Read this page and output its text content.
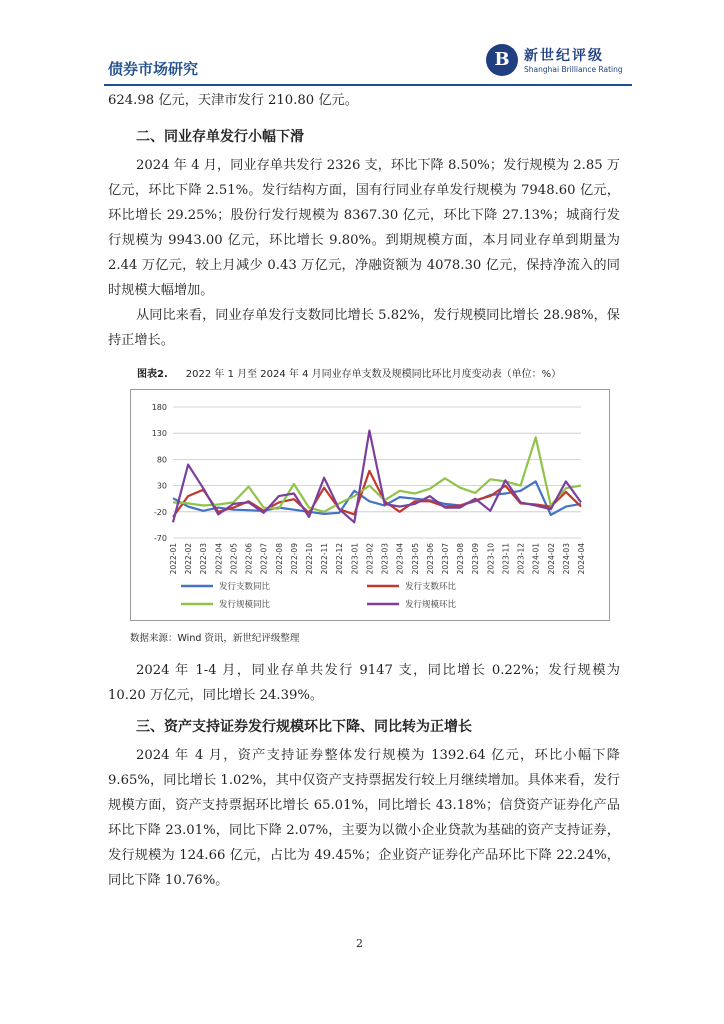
债券市场研究	B	新世纪评级
Shanghai Brilliance Rating

624.98 亿元，天津市发行 210.80 亿元。

二、同业存单发行小幅下滑

2024 年 4 月，同业存单共发行 2326 支，环比下降 8.50%；发行规模为 2.85 万亿元，环比下降 2.51%。发行结构方面，国有行同业存单发行规模为 7948.60 亿元，环比增长 29.25%；股份行发行规模为 8367.30 亿元，环比下降 27.13%；城商行发行规模为 9943.00 亿元，环比增长 9.80%。到期规模方面，本月同业存单到期量为 2.44 万亿元，较上月减少 0.43 万亿元，净融资额为 4078.30 亿元，保持净流入的同时规模大幅增加。

从同比来看，同业存单发行支数同比增长 5.82%，发行规模同比增长 28.98%，保持正增长。

图表2. 2022 年 1 月至 2024 年 4 月同业存单支数及规模同比环比月度变动表（单位：%）
180
130
80
30
-20
-70
2022-01 2022-02 2022-03 2022-04 2022-05 2022-06 2022-07 2022-08 2022-09 2022-10 2022-11 2022-12 2023-01 2023-02 2023-03 2023-04 2023-05 2023-06 2023-07 2023-08 2023-09 2023-10 2023-11 2023-12 2024-01 2024-02 2024-03 2024-04
发行支数同比	发行支数环比
发行规模同比	发行规模环比
数据来源：Wind 资讯，新世纪评级整理

2024 年 1-4 月，同业存单共发行 9147 支，同比增长 0.22%；发行规模为 10.20 万亿元，同比增长 24.39%。

三、资产支持证券发行规模环比下降、同比转为正增长

2024 年 4 月，资产支持证券整体发行规模为 1392.64 亿元，环比小幅下降 9.65%，同比增长 1.02%，其中仅资产支持票据发行较上月继续增加。具体来看，发行规模方面，资产支持票据环比增长 65.01%，同比增长 43.18%；信贷资产证券化产品环比下降 23.01%，同比下降 2.07%，主要为以微小企业贷款为基础的资产支持证券，发行规模为 124.66 亿元，占比为 49.45%；企业资产证券化产品环比下降 22.24%，同比下降 10.76%。

2
